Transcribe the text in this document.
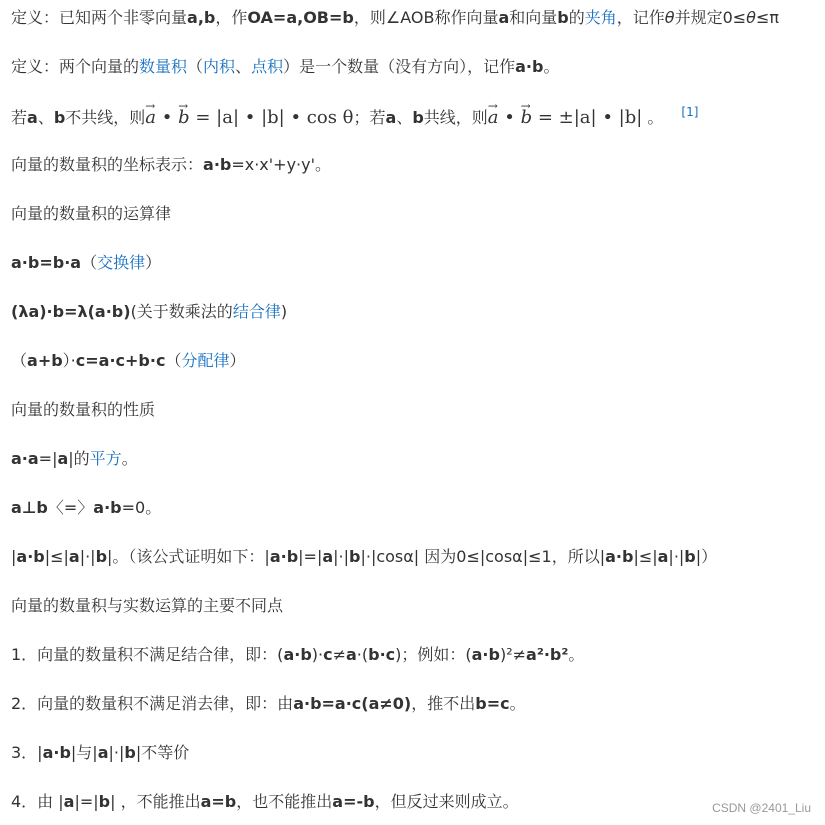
定义：已知两个非零向量a,b，作OA=a,OB=b，则∠AOB称作向量a和向量b的夹角，记作θ并规定0≤θ≤π
定义：两个向量的数量积（内积、点积）是一个数量（没有方向），记作a·b。
若a、b不共线，则→ a • → b = |a| • |b| • cos θ；若a、b共线，则→ a • → b = ±|a| • |b| 。 [1]
向量的数量积的坐标表示：a·b=x·x'+y·y'。
向量的数量积的运算律
a·b=b·a（交换律）
(λa)·b=λ(a·b)(关于数乘法的结合律)
（a+b）·c=a·c+b·c（分配律）
向量的数量积的性质
a·a=|a|的平方。
a⊥b〈=〉a·b=0。
|a·b|≤|a|·|b|。（该公式证明如下：|a·b|=|a|·|b|·|cosα| 因为0≤|cosα|≤1，所以|a·b|≤|a|·|b|）
向量的数量积与实数运算的主要不同点
1．向量的数量积不满足结合律，即：(a·b)·c≠a·(b·c)；例如：(a·b)²≠a²·b²。
2．向量的数量积不满足消去律，即：由a·b=a·c(a≠0)，推不出b=c。
3．|a·b|与|a|·|b|不等价
4．由 |a|=|b| ，不能推出a=b，也不能推出a=-b，但反过来则成立。	CSDN @2401_Liu
